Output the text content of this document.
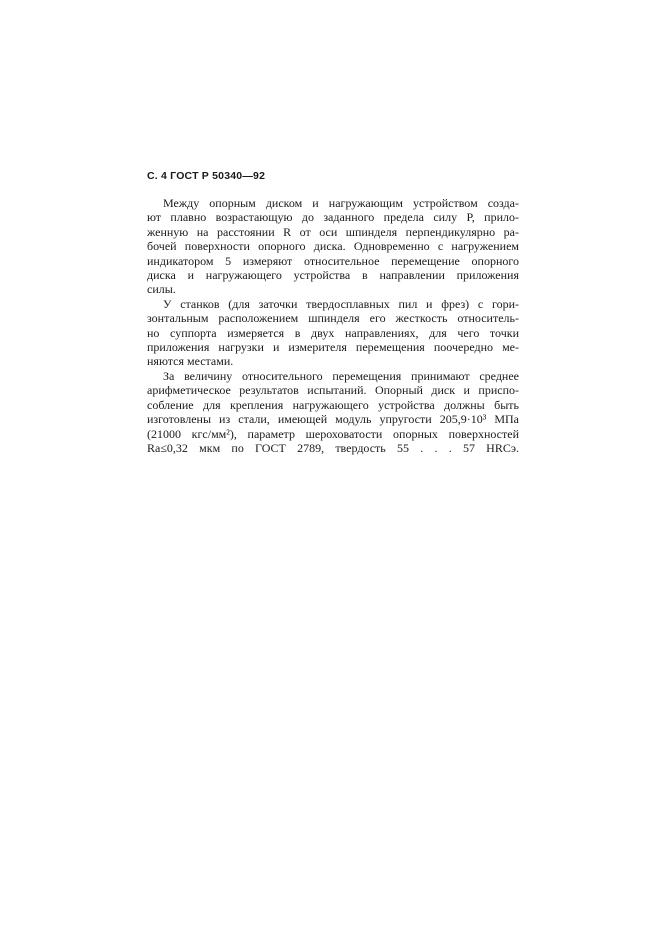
С. 4 ГОСТ Р 50340—92

Между опорным диском и нагружающим устройством созда-
ют плавно возрастающую до заданного предела силу P, прило-
женную на расстоянии R от оси шпинделя перпендикулярно ра-
бочей поверхности опорного диска. Одновременно с нагружением
индикатором 5 измеряют относительное перемещение опорного
диска и нагружающего устройства в направлении приложения
силы.

У станков (для заточки твердосплавных пил и фрез) с гори-
зонтальным расположением шпинделя его жесткость относитель-
но суппорта измеряется в двух направлениях, для чего точки
приложения нагрузки и измерителя перемещения поочередно ме-
няются местами.

За величину относительного перемещения принимают среднее
арифметическое результатов испытаний. Опорный диск и приспо-
собление для крепления нагружающего устройства должны быть
изготовлены из стали, имеющей модуль упругости 205,9·10³ МПа
(21000 кгс/мм²), параметр шероховатости опорных поверхностей
Ra≤0,32 мкм по ГОСТ 2789, твердость 55 . . . 57 HRCэ.
